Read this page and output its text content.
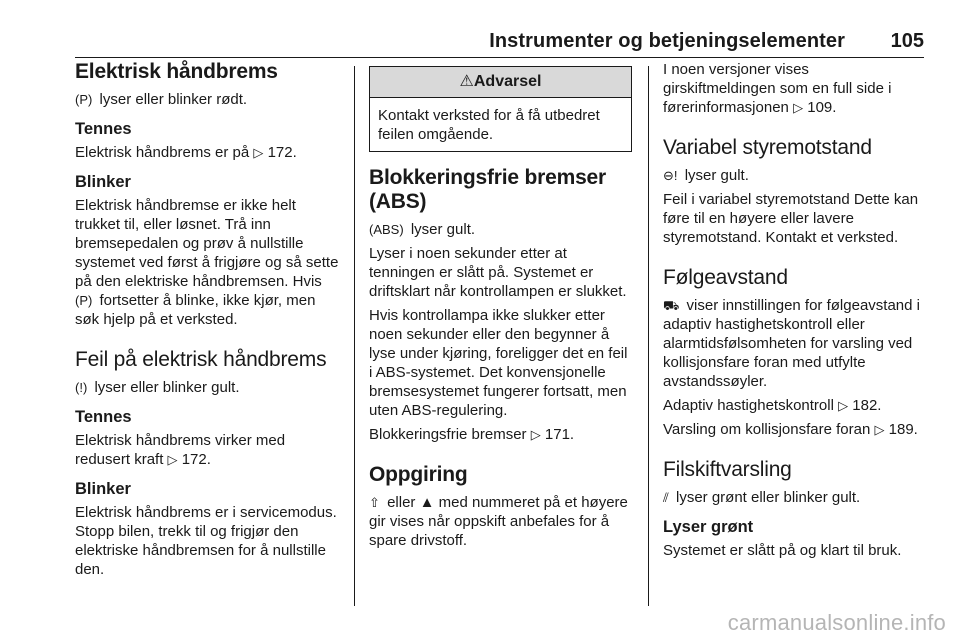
Instrumenter og betjeningselementer 105
Elektrisk håndbrems

(P) lyser eller blinker rødt.

Tennes

Elektrisk håndbrems er på ▷ 172.

Blinker

Elektrisk håndbremse er ikke helt trukket til, eller løsnet. Trå inn bremsepedalen og prøv å nullstille systemet ved først å frigjøre og så sette på den elektriske håndbremsen. Hvis (P) fortsetter å blinke, ikke kjør, men søk hjelp på et verksted.

Feil på elektrisk håndbrems

(!) lyser eller blinker gult.

Tennes

Elektrisk håndbrems virker med redusert kraft ▷ 172.

Blinker

Elektrisk håndbrems er i servicemodus. Stopp bilen, trekk til og frigjør den elektriske håndbremsen for å nullstille den.

⚠Advarsel
Kontakt verksted for å få utbedret feilen omgående.
Blokkeringsfrie bremser (ABS)

(ABS) lyser gult.

Lyser i noen sekunder etter at tenningen er slått på. Systemet er driftsklart når kontrollampen er slukket.

Hvis kontrollampa ikke slukker etter noen sekunder eller den begynner å lyse under kjøring, foreligger det en feil i ABS-systemet. Det konvensjonelle bremsesystemet fungerer fortsatt, men uten ABS-regulering.

Blokkeringsfrie bremser ▷ 171.

Oppgiring

⇧ eller ▲ med nummeret på et høyere gir vises når oppskift anbefales for å spare drivstoff.

I noen versjoner vises girskiftmeldingen som en full side i førerinformasjonen ▷ 109.

Variabel styremotstand

⊖! lyser gult.

Feil i variabel styremotstand Dette kan føre til en høyere eller lavere styremotstand. Kontakt et verksted.

Følgeavstand

⛟ viser innstillingen for følgeavstand i adaptiv hastighetskontroll eller alarmtidsfølsomheten for varsling ved kollisjonsfare foran med utfylte avstandssøyler.

Adaptiv hastighetskontroll ▷ 182.

Varsling om kollisjonsfare foran ▷ 189.

Filskiftvarsling

⫽ lyser grønt eller blinker gult.

Lyser grønt

Systemet er slått på og klart til bruk.

carmanualsonline.info
